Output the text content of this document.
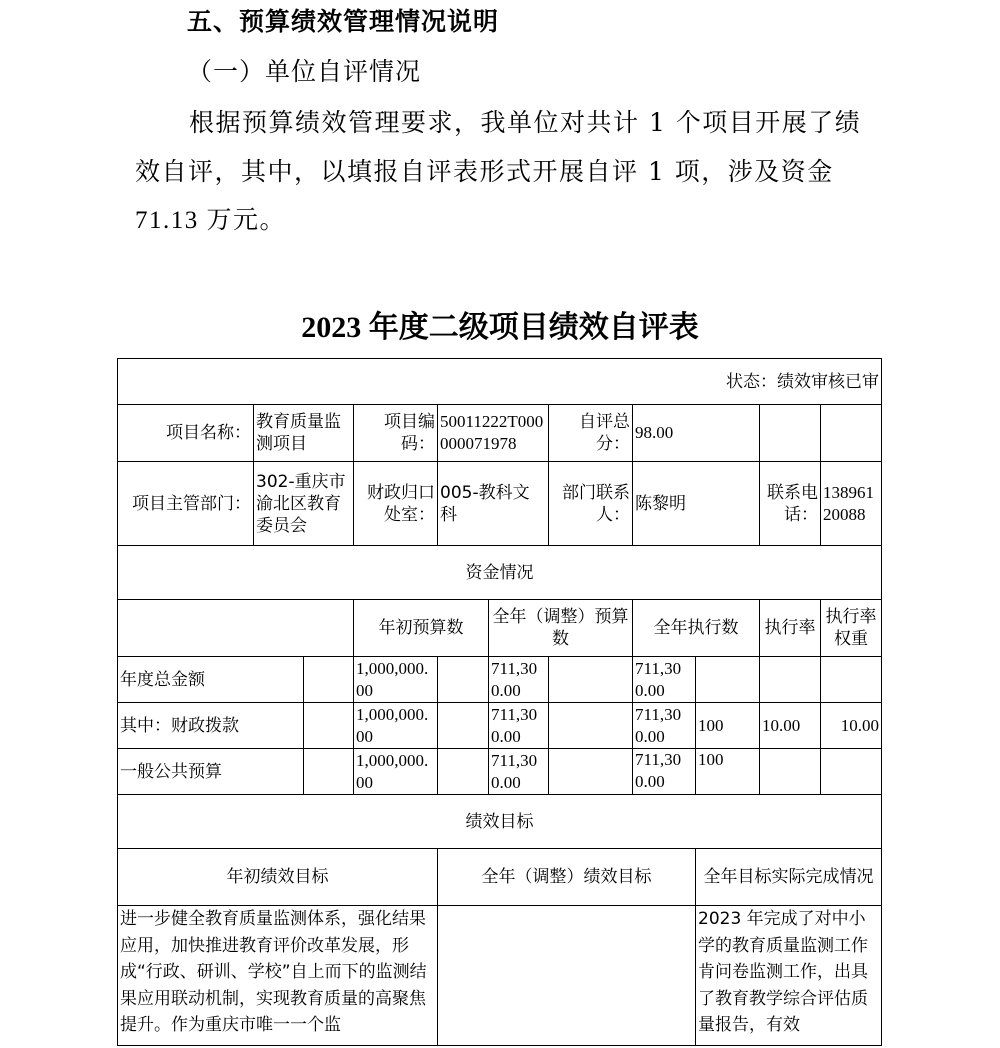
五、预算绩效管理情况说明
（一）单位自评情况
根据预算绩效管理要求，我单位对共计 1 个项目开展了绩
效自评，其中，以填报自评表形式开展自评 1 项，涉及资金
71.13 万元。
2023 年度二级项目绩效自评表
状态：绩效审核已审										
项目名称：	教育质量监测项目		项目编码：	50011222T000000071978		自评总分：	98.00			
项目主管部门：	302-重庆市渝北区教育委员会		财政归口处室：	005-教科文科		部门联系人：	陈黎明		联系电话：	13896120088
资金情况										
			年初预算数		全年（调整）预算数		全年执行数		执行率	执行率权重
年度总金额			1,000,000.00		711,300.00		711,300.00			
其中：财政拨款			1,000,000.00		711,300.00		711,300.00	100	10.00	10.00
一般公共预算			1,000,000.00		711,300.00		711,300.00	100		
绩效目标										
年初绩效目标				全年（调整）绩效目标				全年目标实际完成情况		
进一步健全教育质量监测体系，强化结果应用，加快推进教育评价改革发展，形成“行政、研训、学校”自上而下的监测结果应用联动机制，实现教育质量的高聚焦提升。作为重庆市唯一一个监								2023 年完成了对中小学的教育质量监测工作肯问卷监测工作，出具了教育教学综合评估质量报告，有效		
